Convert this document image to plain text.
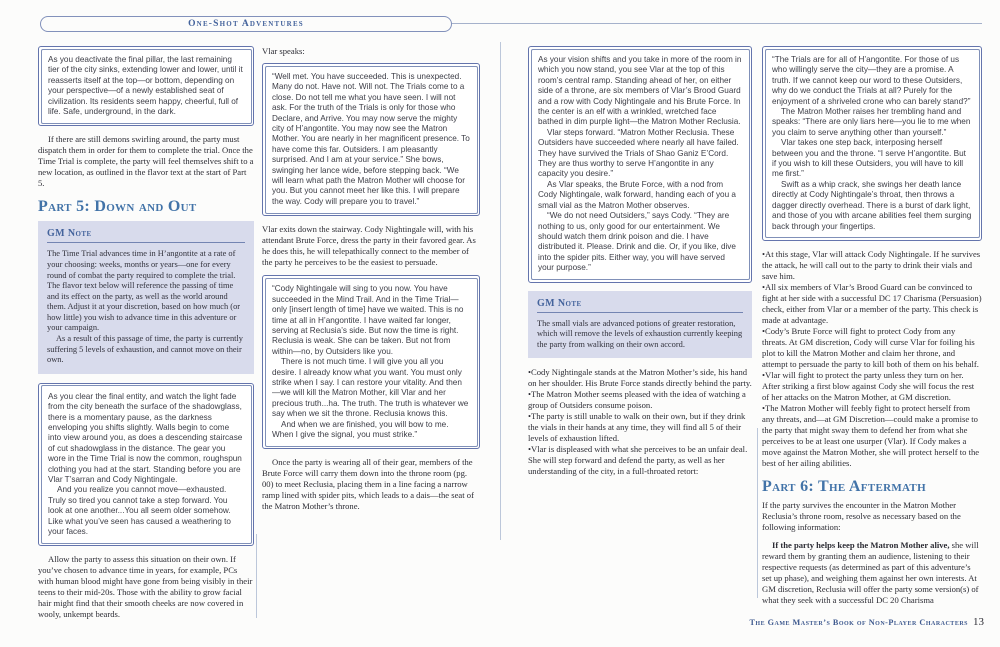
One-Shot Adventures

As you deactivate the final pillar, the last remaining tier of the city sinks, extending lower and lower, until it reasserts itself at the top—or bottom, depending on your perspective—of a newly established seat of civilization. Its residents seem happy, cheerful, full of life. Safe, underground, in the dark.

If there are still demons swirling around, the party must dispatch them in order for them to complete the trial. Once the Time Trial is complete, the party will feel themselves shift to a new location, as outlined in the flavor text at the start of Part 5.

Part 5: Down and Out
GM Note

The Time Trial advances time in H’angontite at a rate of your choosing: weeks, months or years—one for every round of combat the party required to complete the trial. The flavor text below will reference the passing of time and its effect on the party, as well as the world around them. Adjust it at your discretion, based on how much (or how little) you wish to advance time in this adventure or your campaign.

As a result of this passage of time, the party is currently suffering 5 levels of exhaustion, and cannot move on their own.

As you clear the final entity, and watch the light fade from the city beneath the surface of the shadowglass, there is a momentary pause, as the darkness enveloping you shifts slightly. Walls begin to come into view around you, as does a descending staircase of cut shadowglass in the distance. The gear you wore in the Time Trial is now the common, roughspun clothing you had at the start. Standing before you are Vlar T’sarran and Cody Nightingale.

And you realize you cannot move—exhausted. Truly so tired you cannot take a step forward. You look at one another...You all seem older somehow. Like what you’ve seen has caused a weathering to your faces.

Allow the party to assess this situation on their own. If you’ve chosen to advance time in years, for example, PCs with human blood might have gone from being visibly in their teens to their mid-20s. Those with the ability to grow facial hair might find that their smooth cheeks are now covered in wooly, unkempt beards.

Vlar speaks:

“Well met. You have succeeded. This is unexpected. Many do not. Have not. Will not. The Trials come to a close. Do not tell me what you have seen. I will not ask. For the truth of the Trials is only for those who Declare, and Arrive. You may now serve the mighty city of H’angontite. You may now see the Matron Mother. You are nearly in her magnificent presence. To have come this far. Outsiders. I am pleasantly surprised. And I am at your service.” She bows, swinging her lance wide, before stepping back. “We will learn what path the Matron Mother will choose for you. But you cannot meet her like this. I will prepare the way. Cody will prepare you to travel.”

Vlar exits down the stairway. Cody Nightingale will, with his attendant Brute Force, dress the party in their favored gear. As he does this, he will telepathically connect to the member of the party he perceives to be the easiest to persuade.

“Cody Nightingale will sing to you now. You have succeeded in the Mind Trail. And in the Time Trial—only [insert length of time] have we waited. This is no time at all in H’angontite. I have waited far longer, serving at Reclusia’s side. But now the time is right. Reclusia is weak. She can be taken. But not from within—no, by Outsiders like you.

There is not much time. I will give you all you desire. I already know what you want. You must only strike when I say. I can restore your vitality. And then—we will kill the Matron Mother, kill Vlar and her precious truth...ha. The truth. The truth is whatever we say when we sit the throne. Reclusia knows this.

And when we are finished, you will bow to me. When I give the signal, you must strike.”

Once the party is wearing all of their gear, members of the Brute Force will carry them down into the throne room (pg. 00) to meet Reclusia, placing them in a line facing a narrow ramp lined with spider pits, which leads to a dais—the seat of the Matron Mother’s throne.

As your vision shifts and you take in more of the room in which you now stand, you see Vlar at the top of this room’s central ramp. Standing ahead of her, on either side of a throne, are six members of Vlar’s Brood Guard and a row with Cody Nightingale and his Brute Force. In the center is an elf with a wrinkled, wretched face bathed in dim purple light—the Matron Mother Reclusia.

Vlar steps forward. “Matron Mother Reclusia. These Outsiders have succeeded where nearly all have failed. They have survived the Trials of Shao Ganiz E’Cord. They are thus worthy to serve H’angontite in any capacity you desire.”

As Vlar speaks, the Brute Force, with a nod from Cody Nightingale, walk forward, handing each of you a small vial as the Matron Mother observes.

“We do not need Outsiders,” says Cody. “They are nothing to us, only good for our entertainment. We should watch them drink poison and die. I have distributed it. Please. Drink and die. Or, if you like, dive into the spider pits. Either way, you will have served your purpose.”

GM Note

The small vials are advanced potions of greater restoration, which will remove the levels of exhaustion currently keeping the party from walking on their own accord.

• Cody Nightingale stands at the Matron Mother’s side, his hand on her shoulder. His Brute Force stands directly behind the party.

• The Matron Mother seems pleased with the idea of watching a group of Outsiders consume poison.

• The party is still unable to walk on their own, but if they drink the vials in their hands at any time, they will find all 5 of their levels of exhaustion lifted.

• Vlar is displeased with what she perceives to be an unfair deal. She will step forward and defend the party, as well as her understanding of the city, in a full-throated retort:

“The Trials are for all of H’angontite. For those of us who willingly serve the city—they are a promise. A truth. If we cannot keep our word to these Outsiders, why do we conduct the Trials at all? Purely for the enjoyment of a shriveled crone who can barely stand?”

The Matron Mother raises her trembling hand and speaks: “There are only liars here—you lie to me when you claim to serve anything other than yourself.”

Vlar takes one step back, interposing herself between you and the throne. “I serve H’angontite. But if you wish to kill these Outsiders, you will have to kill me first.”

Swift as a whip crack, she swings her death lance directly at Cody Nightingale’s throat, then throws a dagger directly overhead. There is a burst of dark light, and those of you with arcane abilities feel them surging back through your fingertips.

• At this stage, Vlar will attack Cody Nightingale. If he survives the attack, he will call out to the party to drink their vials and save him.

• All six members of Vlar’s Brood Guard can be convinced to fight at her side with a successful DC 17 Charisma (Persuasion) check, either from Vlar or a member of the party. This check is made at advantage.

• Cody’s Brute Force will fight to protect Cody from any threats. At GM discretion, Cody will curse Vlar for foiling his plot to kill the Matron Mother and claim her throne, and attempt to persuade the party to kill both of them on his behalf.

• Vlar will fight to protect the party unless they turn on her. After striking a first blow against Cody she will focus the rest of her attacks on the Matron Mother, at GM discretion.

• The Matron Mother will feebly fight to protect herself from any threats, and—at GM Discretion—could make a promise to the party that might sway them to defend her from what she perceives to be at least one usurper (Vlar). If Cody makes a move against the Matron Mother, she will protect herself to the best of her ailing abilities.

Part 6: The Aftermath

If the party survives the encounter in the Matron Mother Reclusia’s throne room, resolve as necessary based on the following information:

If the party helps keep the Matron Mother alive, she will reward them by granting them an audience, listening to their respective requests (as determined as part of this adventure’s set up phase), and weighing them against her own interests. At GM discretion, Reclusia will offer the party some version(s) of what they seek with a successful DC 20 Charisma

The Game Master’s Book of Non-Player Characters 13
